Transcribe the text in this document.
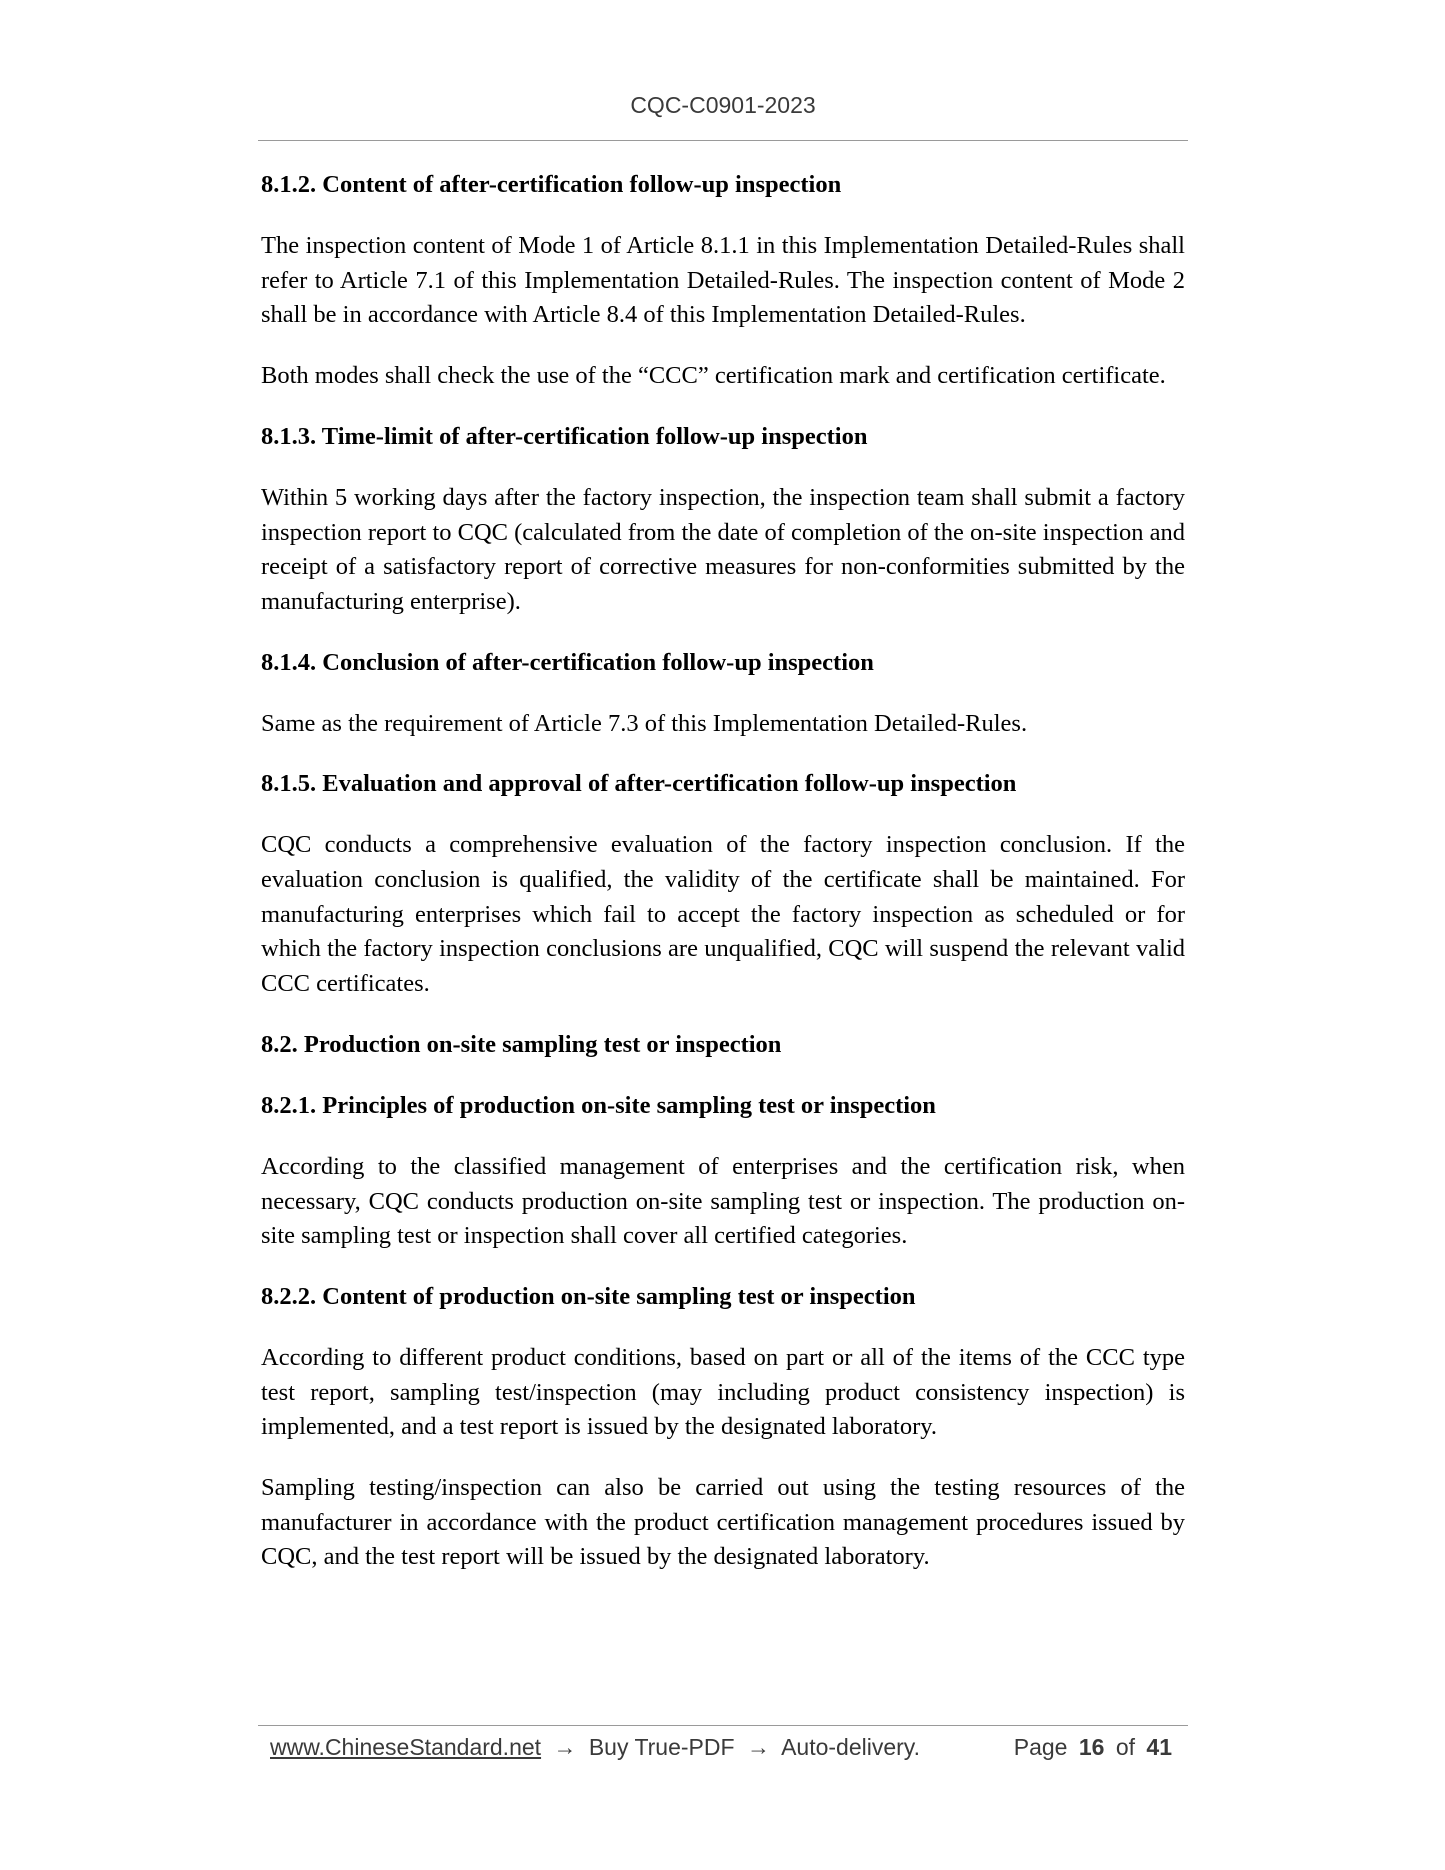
CQC-C0901-2023
8.1.2. Content of after-certification follow-up inspection

The inspection content of Mode 1 of Article 8.1.1 in this Implementation Detailed-Rules shall refer to Article 7.1 of this Implementation Detailed-Rules. The inspection content of Mode 2 shall be in accordance with Article 8.4 of this Implementation Detailed-Rules.

Both modes shall check the use of the “CCC” certification mark and certification certificate.

8.1.3. Time-limit of after-certification follow-up inspection

Within 5 working days after the factory inspection, the inspection team shall submit a factory inspection report to CQC (calculated from the date of completion of the on-site inspection and receipt of a satisfactory report of corrective measures for non-conformities submitted by the manufacturing enterprise).

8.1.4. Conclusion of after-certification follow-up inspection

Same as the requirement of Article 7.3 of this Implementation Detailed-Rules.

8.1.5. Evaluation and approval of after-certification follow-up inspection

CQC conducts a comprehensive evaluation of the factory inspection conclusion. If the evaluation conclusion is qualified, the validity of the certificate shall be maintained. For manufacturing enterprises which fail to accept the factory inspection as scheduled or for which the factory inspection conclusions are unqualified, CQC will suspend the relevant valid CCC certificates.

8.2. Production on-site sampling test or inspection
8.2.1. Principles of production on-site sampling test or inspection

According to the classified management of enterprises and the certification risk, when necessary, CQC conducts production on-site sampling test or inspection. The production on-site sampling test or inspection shall cover all certified categories.

8.2.2. Content of production on-site sampling test or inspection

According to different product conditions, based on part or all of the items of the CCC type test report, sampling test/inspection (may including product consistency inspection) is implemented, and a test report is issued by the designated laboratory.

Sampling testing/inspection can also be carried out using the testing resources of the manufacturer in accordance with the product certification management procedures issued by CQC, and the test report will be issued by the designated laboratory.

www.ChineseStandard.net → Buy True-PDF → Auto-delivery.	Page 16 of 41
